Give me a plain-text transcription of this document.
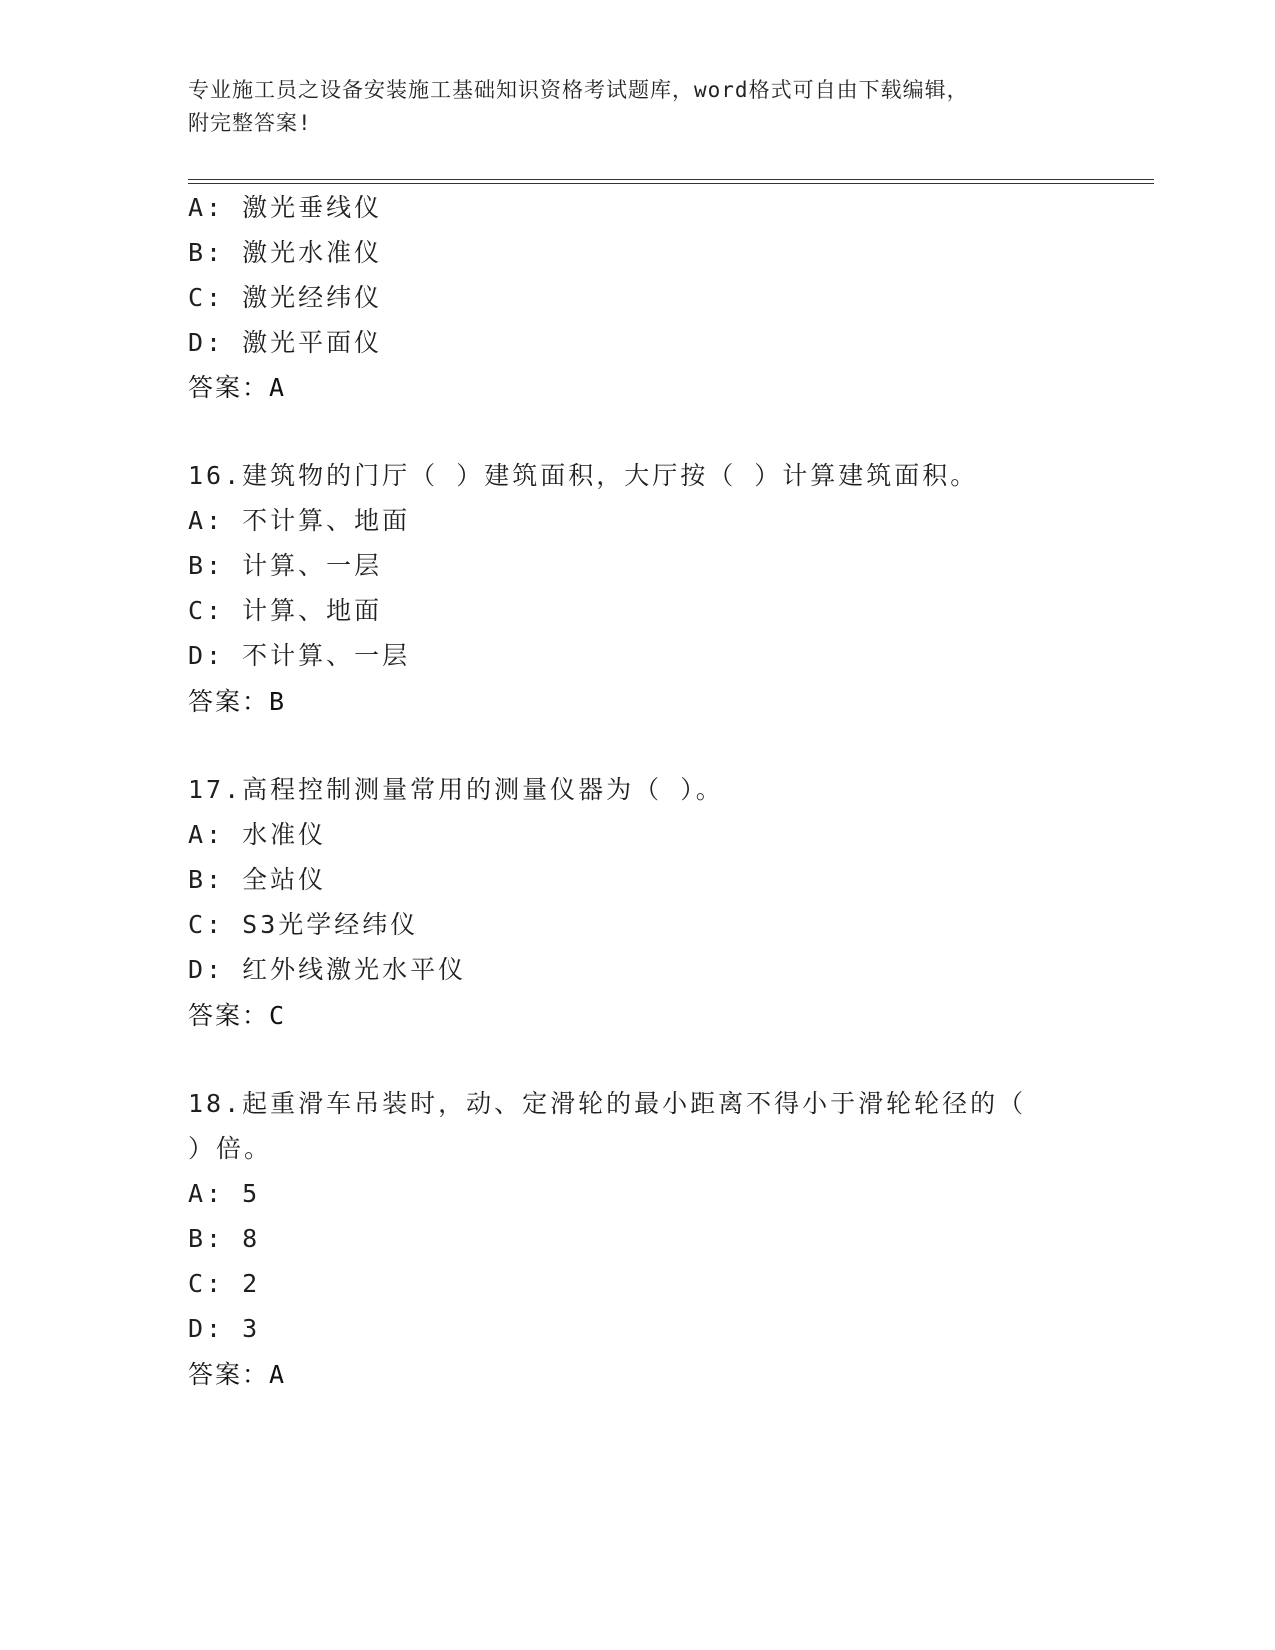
专业施工员之设备安装施工基础知识资格考试题库，word格式可自由下载编辑，
附完整答案!
A: 激光垂线仪
B: 激光水准仪
C: 激光经纬仪
D: 激光平面仪
答案：A
16.建筑物的门厅（ ）建筑面积，大厅按（ ）计算建筑面积。
A: 不计算、地面
B: 计算、一层
C: 计算、地面
D: 不计算、一层
答案：B
17.高程控制测量常用的测量仪器为（ ）。
A: 水准仪
B: 全站仪
C: S3光学经纬仪
D: 红外线激光水平仪
答案：C
18.起重滑车吊装时，动、定滑轮的最小距离不得小于滑轮轮径的（
）倍。
A: 5
B: 8
C: 2
D: 3
答案：A
